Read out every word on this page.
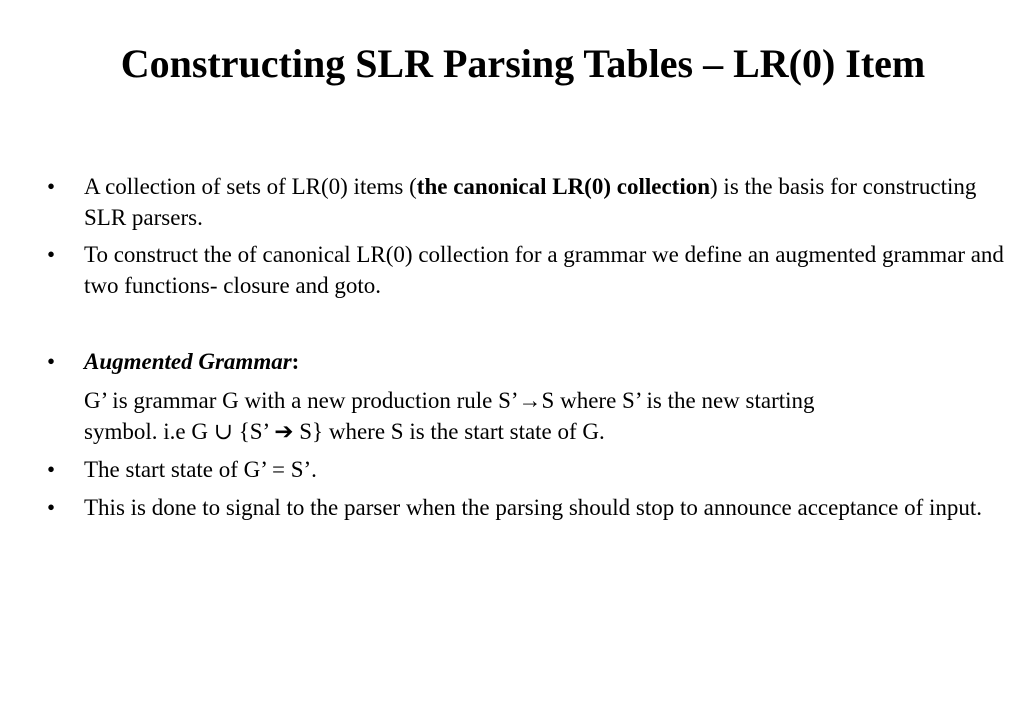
Constructing SLR Parsing Tables – LR(0) Item
•	A collection of sets of LR(0) items (the canonical LR(0) collection) is the basis for constructing SLR parsers.
•	To construct the of canonical LR(0) collection for a grammar we define an augmented grammar and two functions- closure and goto.
•	Augmented Grammar:
G’ is grammar G with a new production rule S’→S where S’ is the new starting
symbol. i.e G ∪ {S’ ➔ S} where S is the start state of G.
•	The start state of G’ = S’.
•	This is done to signal to the parser when the parsing should stop to announce acceptance of input.
